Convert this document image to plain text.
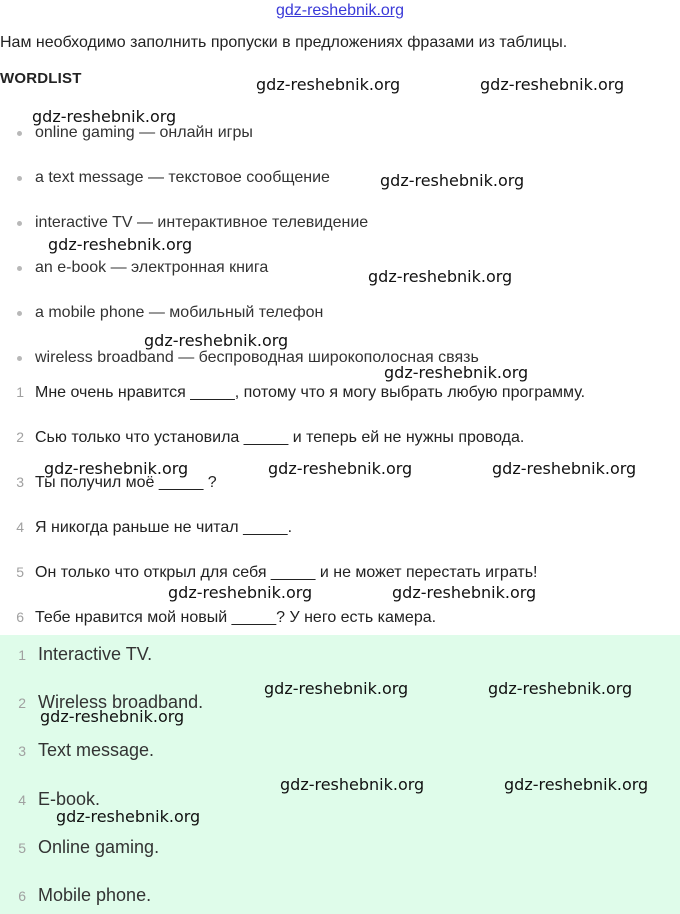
gdz-reshebnik.org
Нам необходимо заполнить пропуски в предложениях фразами из таблицы.
WORDLIST
online gaming — онлайн игры
a text message — текстовое сообщение
interactive TV — интерактивное телевидение
an e-book — электронная книга
a mobile phone — мобильный телефон
wireless broadband — беспроводная широкополосная связь
1 Мне очень нравится _____, потому что я могу выбрать любую программу.
2 Сью только что установила _____ и теперь ей не нужны провода.
3 Ты получил моё _____ ?
4 Я никогда раньше не читал _____.
5 Он только что открыл для себя _____ и не может перестать играть!
6 Тебе нравится мой новый _____? У него есть камера.
1 Interactive TV.
2 Wireless broadband.
3 Text message.
4 E-book.
5 Online gaming.
6 Mobile phone.
gdz-reshebnik.org	gdz-reshebnik.org
gdz-reshebnik.org
gdz-reshebnik.org
gdz-reshebnik.org
gdz-reshebnik.org
gdz-reshebnik.org
gdz-reshebnik.org
gdz-reshebnik.org	gdz-reshebnik.org	gdz-reshebnik.org
gdz-reshebnik.org	gdz-reshebnik.org
gdz-reshebnik.org	gdz-reshebnik.org
gdz-reshebnik.org
gdz-reshebnik.org	gdz-reshebnik.org
gdz-reshebnik.org
